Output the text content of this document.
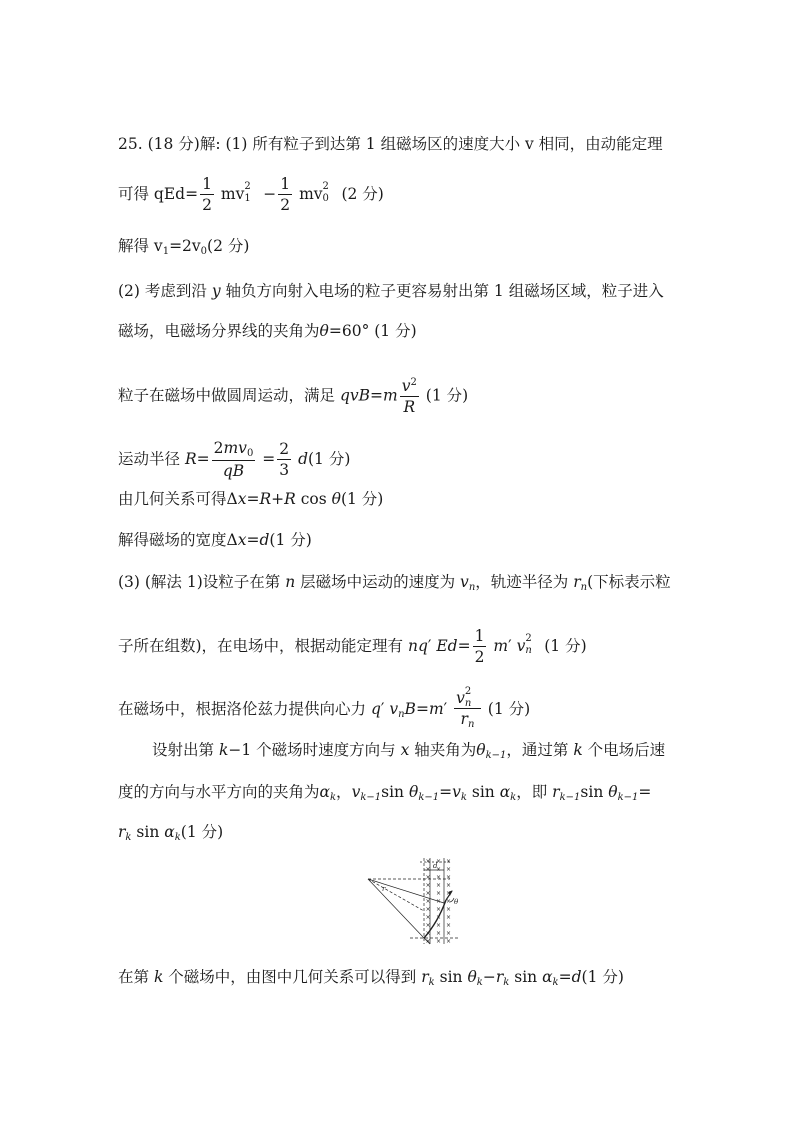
25. (18 分)解: (1) 所有粒子到达第 1 组磁场区的速度大小 v 相同，由动能定理
可得 $qEd= \frac{1}{2}$ mv 2
$1 - \frac{1}{2}$ mv 2
0 (2 分)
解得 $v_1=2v_0(2$ 分)
(2) 考虑到沿 y 轴负方向射入电场的粒子更容易射出第 1 组磁场区域，粒子进入
磁场，电磁场分界线的夹角为θ=60° (1 分)
粒子在磁场中做圆周运动，满足 $qvB=m \frac{v^2}{R} (1$ 分)
运动半径 $R= \frac{2mv_0}{qB} = \frac{2}{3} d(1$ 分)
由几何关系可得Δx=R+R cos θ(1 分)
解得磁场的宽度Δx=d(1 分)
(3) (解法 1)设粒子在第 n 层磁场中运动的速度为 $v_n$，轨迹半径为 $r_n$(下标表示粒
子所在组数)，在电场中，根据动能定理有 nq′ $Ed= \frac{1}{2} m'$ v 2
n (1 分)
在磁场中，根据洛伦兹力提供向心力 q′ $v_nB=m'$ v 2
n
$r_n$ (1 分)
设射出第 k−1 个磁场时速度方向与 x 轴夹角为$\theta_{k-1}$，通过第 k 个电场后速
度的方向与水平方向的夹角为$\alpha_k$，$v_{k-1}\sin$ $\theta_{k-1}=v_k$ $\sin \alpha_k$，即 $r_{k-1}\sin$ $\theta_{k-1}=$
$r_k$ $\sin \alpha_k(1$ 分)
d
r
θ
× × ×
× × ×
× × ×
× × ×
× × ×
× × ×
× × ×
× × ×
× × ×
× × ×
× × ×
在第 k 个磁场中，由图中几何关系可以得到 $r_k$ $\sin \theta_k-r_k$ $\sin \alpha_k=d(1$ 分)
